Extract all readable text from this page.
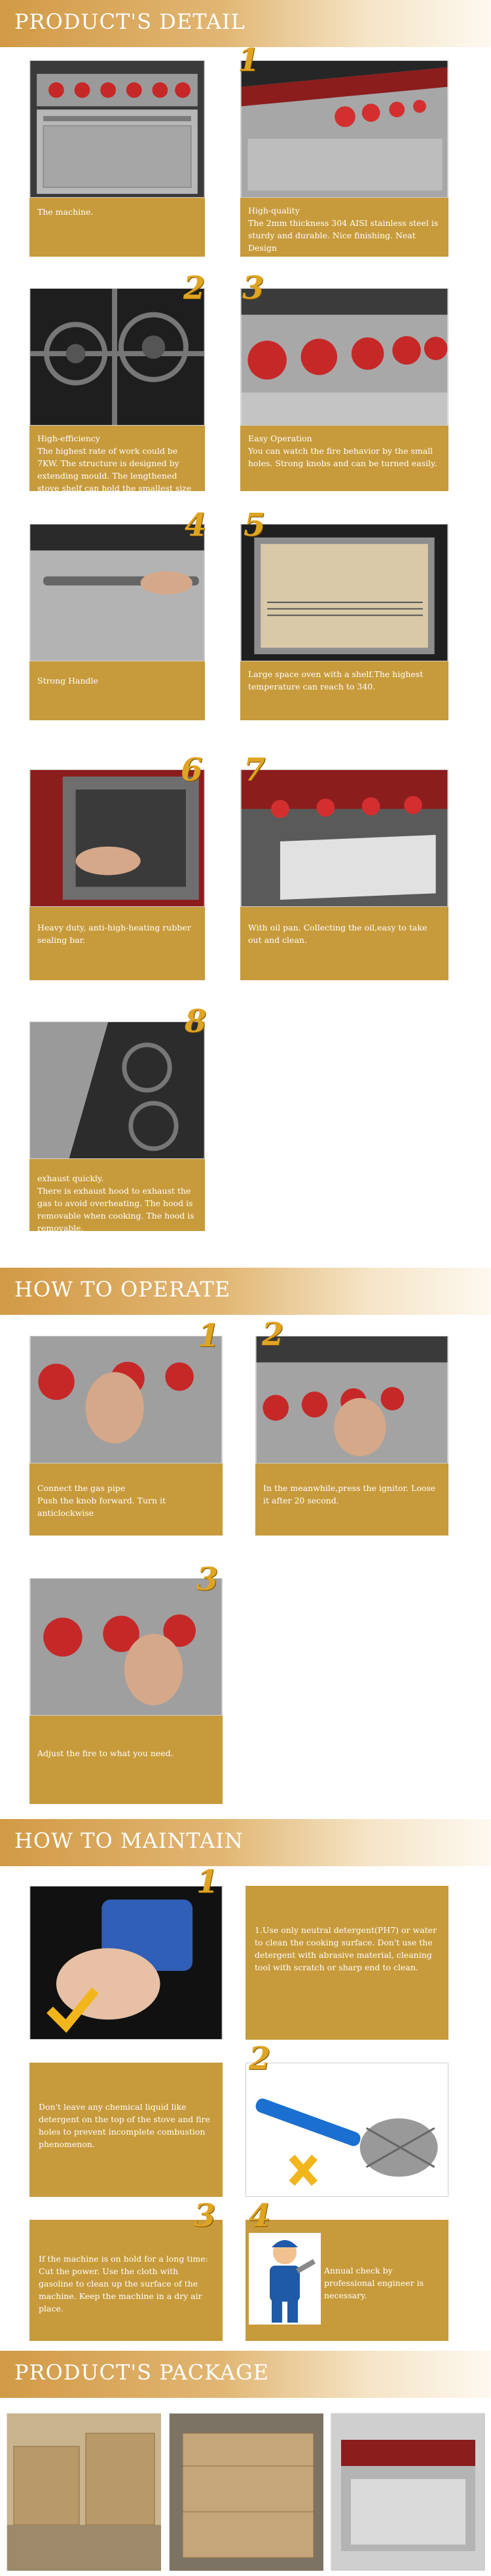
PRODUCT'S DETAIL

The machine.

1

High-quality
The 2mm thickness 304 AISI stainless steel is sturdy and durable. Nice finishing. Neat Design

2

High-efficiency
The highest rate of work could be 7KW. The structure is designed by extending mould. The lengthened stove shelf can hold the smallest size of pot.

3

Easy Operation
You can watch the fire behavior by the small holes. Strong knobs and can be turned easily.

4

Strong Handle

5

Large space oven with a shelf.The highest temperature can reach to 340.

6

Heavy duty, anti-high-heating rubber sealing bar.

7

With oil pan. Collecting the oil,easy to take out and clean.

8

exhaust quickly.
There is exhaust hood to exhaust the gas to avoid overheating. The hood is removable when cooking. The hood is removable.

HOW TO OPERATE
1

Connect the gas pipe
Push the knob forward. Turn it anticlockwise

2

In the meanwhile,press the ignitor. Loose it after 20 second.

3

Adjust the fire to what you need.

HOW TO MAINTAIN
1

1.Use only neutral detergent(PH7) or water to clean the cooking surface. Don't use the detergent with abrasive material, cleaning tool with scratch or sharp end to clean.

Don't leave any chemical liquid like detergent on the top of the stove and fire holes to prevent incomplete combustion phenomenon.

2

If the machine is on hold for a long time: Cut the power. Use the cloth with gasoline to clean up the surface of the machine. Keep the machine in a dry air place.

3

Annual check by professional engineer is necessary.

4
PRODUCT'S PACKAGE
